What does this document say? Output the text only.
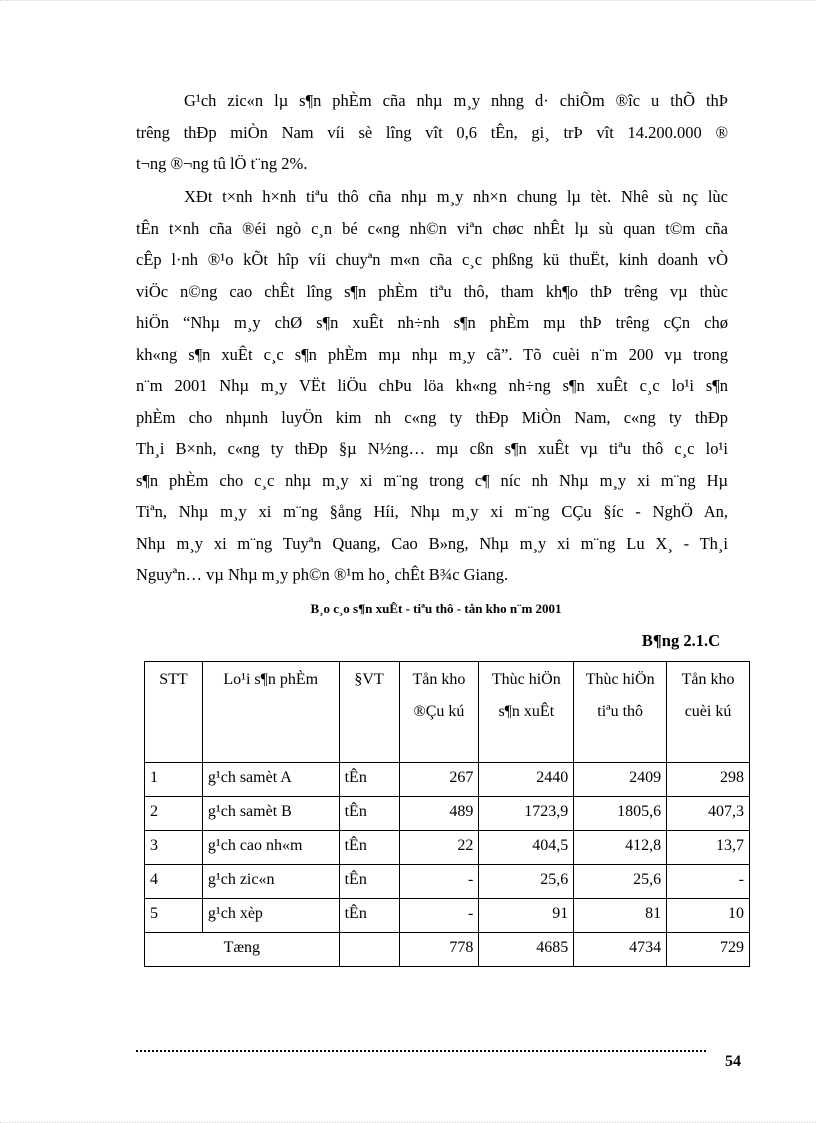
G¹ch zic«n lµ s¶n phÈm cña nhµ m¸y nhng d· chiÕm ®îc u thÕ thÞ
trêng thÐp miÒn Nam víi sè lîng vît 0,6 tÊn, gi¸ trÞ vît 14.200.000 ®
t¬ng ®¬ng tû lÖ t¨ng 2%.
XÐt t×nh h×nh tiªu thô cña nhµ m¸y nh×n chung lµ tèt. Nhê sù nç lùc
tÊn t×nh cña ®éi ngò c¸n bé c«ng nh©n viªn chøc nhÊt lµ sù quan t©m cña
cÊp l·nh ®¹o kÕt hîp víi chuyªn m«n cña c¸c phßng kü thuËt, kinh doanh vÒ
viÖc n©ng cao chÊt lîng s¶n phÈm tiªu thô, tham kh¶o thÞ trêng vµ thùc
hiÖn “Nhµ m¸y chØ s¶n xuÊt nh÷nh s¶n phÈm mµ thÞ trêng cÇn chø
kh«ng s¶n xuÊt c¸c s¶n phÈm mµ nhµ m¸y cã”. Tõ cuèi n¨m 200 vµ trong
n¨m 2001 Nhµ m¸y VËt liÖu chÞu löa kh«ng nh÷ng s¶n xuÊt c¸c lo¹i s¶n
phÈm cho nhµnh luyÖn kim nh c«ng ty thÐp MiÒn Nam, c«ng ty thÐp
Th¸i B×nh, c«ng ty thÐp §µ N½ng… mµ cßn s¶n xuÊt vµ tiªu thô c¸c lo¹i
s¶n phÈm cho c¸c nhµ m¸y xi m¨ng trong c¶ níc nh Nhµ m¸y xi m¨ng Hµ
Tiªn, Nhµ m¸y xi m¨ng §ång Híi, Nhµ m¸y xi m¨ng CÇu §íc - NghÖ An,
Nhµ m¸y xi m¨ng Tuyªn Quang, Cao B»ng, Nhµ m¸y xi m¨ng Lu X¸ - Th¸i
Nguyªn… vµ Nhµ m¸y ph©n ®¹m ho¸ chÊt B¾c Giang.
B¸o c¸o s¶n xuÊt - tiªu thô - tån kho n¨m 2001
B¶ng 2.1.C
STT	Lo¹i s¶n phÈm	§VT	Tån kho ®Çu kú	Thùc hiÖn s¶n xuÊt	Thùc hiÖn tiªu thô	Tån kho cuèi kú
1	g¹ch samèt A	tÊn	267	2440	2409	298
2	g¹ch samèt B	tÊn	489	1723,9	1805,6	407,3
3	g¹ch cao nh«m	tÊn	22	404,5	412,8	13,7
4	g¹ch zic«n	tÊn	-	25,6	25,6	-
5	g¹ch xèp	tÊn	-	91	81	10
Tæng			778	4685	4734	729
54
